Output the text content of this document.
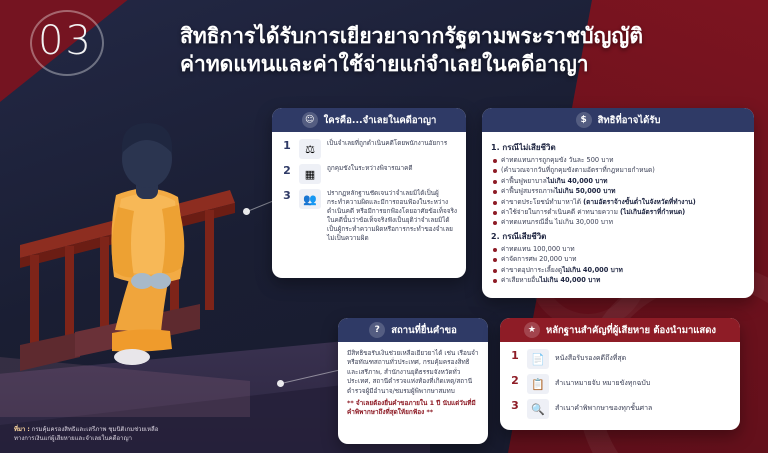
03	สิทธิการได้รับการเยียวยาจากรัฐตามพระราชบัญญัติ
ค่าทดแทนและค่าใช้จ่ายแก่จำเลยในคดีอาญา
☺ ใครคือ...จำเลยในคดีอาญา
1	⚖	เป็นจำเลยที่ถูกดำเนินคดีโดยพนักงานอัยการ
2	▦	ถูกคุมขังในระหว่างพิจารณาคดี
3	👥	ปรากฏหลักฐานชัดเจนว่าจำเลยมิได้เป็นผู้กระทำความผิดและมีการถอนฟ้องในระหว่างดำเนินคดี หรือมีการยกฟ้องโดยอาศัยข้อเท็จจริงในคดีนั้นว่าข้อเท็จจริงฟังเป็นยุติว่าจำเลยมิได้เป็นผู้กระทำความผิดหรือการกระทำของจำเลยไม่เป็นความผิด
$	สิทธิที่อาจได้รับ
1. กรณีไม่เสียชีวิต
ค่าทดแทนการถูกคุมขัง วันละ 500 บาท
(คำนวณจากวันที่ถูกคุมขังตามอัตราที่กฎหมายกำหนด)
ค่าฟื้นฟูพยาบาลไม่เกิน 40,000 บาท
ค่าฟื้นฟูสมรรถภาพไม่เกิน 50,000 บาท
ค่าขาดประโยชน์ทำมาหาได้ (ตามอัตราจ้างขั้นต่ำในจังหวัดที่ทำงาน)
ค่าใช้จ่ายในการดำเนินคดี ค่าทนายความ (ไม่เกินอัตราที่กำหนด)
ค่าทดแทนกรณีอื่น ไม่เกิน 30,000 บาท
2. กรณีเสียชีวิต
ค่าทดแทน 100,000 บาท
ค่าจัดการศพ 20,000 บาท
ค่าขาดอุปการะเลี้ยงดูไม่เกิน 40,000 บาท
ค่าเสียหายอื่นไม่เกิน 40,000 บาท
?	สถานที่ยื่นคำขอ
มีสิทธิขอรับเงินช่วยเหลือเยียวยาได้ เช่น เรือนจำหรือทัณฑสถานทั่วประเทศ, กรมคุ้มครองสิทธิและเสรีภาพ, สำนักงานยุติธรรมจังหวัดทั่วประเทศ, สถานีตำรวจแห่งท้องที่เกิดเหตุ/สถานีตำรวจผู้มีอำนาจ/ชมรมผู้พิพากษาสมทบ
** จำเลยต้องยื่นคำขอภายใน 1 ปี นับแต่วันที่มีคำพิพากษาถึงที่สุดให้ยกฟ้อง **
★	หลักฐานสำคัญที่ผู้เสียหาย ต้องนำมาแสดง
1	📄	หนังสือรับรองคดีถึงที่สุด
2	📋	สำเนาหมายจับ หมายขังทุกฉบับ
3	🔍	สำเนาคำพิพากษาของทุกชั้นศาล
ที่มา : กรมคุ้มครองสิทธิและเสรีภาพ ชุมนิติเกมช่วยเหลือ
ทางการเงินแก่ผู้เสียหายและจำเลยในคดีอาญา
